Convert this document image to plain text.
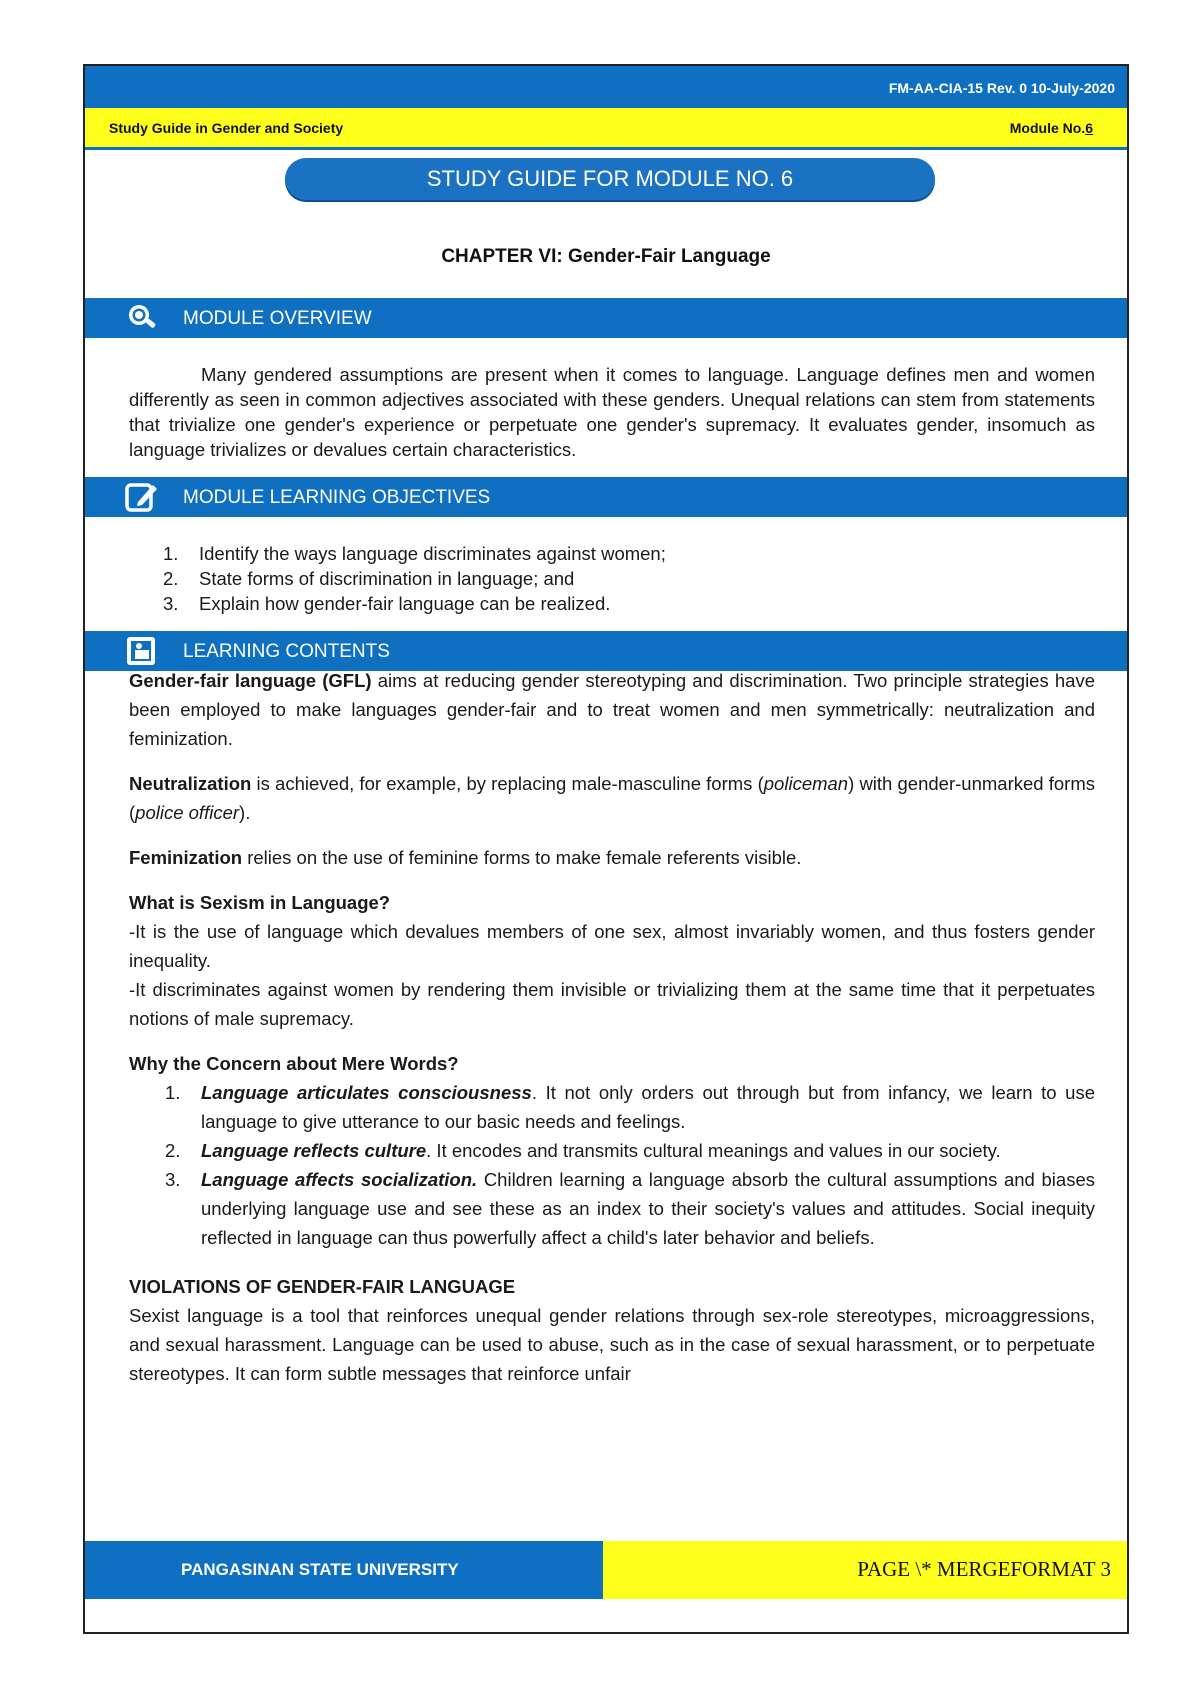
FM-AA-CIA-15 Rev. 0 10-July-2020
Study Guide in Gender and Society	Module No.6
STUDY GUIDE FOR MODULE NO. 6
CHAPTER VI: Gender-Fair Language
MODULE OVERVIEW
Many gendered assumptions are present when it comes to language. Language defines men and women differently as seen in common adjectives associated with these genders. Unequal relations can stem from statements that trivialize one gender's experience or perpetuate one gender's supremacy. It evaluates gender, insomuch as language trivializes or devalues certain characteristics.
MODULE LEARNING OBJECTIVES
1. Identify the ways language discriminates against women;
2. State forms of discrimination in language; and
3. Explain how gender-fair language can be realized.
LEARNING CONTENTS

Gender-fair language (GFL) aims at reducing gender stereotyping and discrimination. Two principle strategies have been employed to make languages gender-fair and to treat women and men symmetrically: neutralization and feminization.

Neutralization is achieved, for example, by replacing male-masculine forms (policeman) with gender-unmarked forms (police officer).

Feminization relies on the use of feminine forms to make female referents visible.

What is Sexism in Language?

-It is the use of language which devalues members of one sex, almost invariably women, and thus fosters gender inequality.

-It discriminates against women by rendering them invisible or trivializing them at the same time that it perpetuates notions of male supremacy.

Why the Concern about Mere Words?

1. Language articulates consciousness. It not only orders out through but from infancy, we learn to use language to give utterance to our basic needs and feelings.
2. Language reflects culture. It encodes and transmits cultural meanings and values in our society.
3. Language affects socialization. Children learning a language absorb the cultural assumptions and biases underlying language use and see these as an index to their society's values and attitudes. Social inequity reflected in language can thus powerfully affect a child's later behavior and beliefs.

VIOLATIONS OF GENDER-FAIR LANGUAGE

Sexist language is a tool that reinforces unequal gender relations through sex-role stereotypes, microaggressions, and sexual harassment. Language can be used to abuse, such as in the case of sexual harassment, or to perpetuate stereotypes. It can form subtle messages that reinforce unfair

PANGASINAN STATE UNIVERSITY	PAGE \* MERGEFORMAT 3
